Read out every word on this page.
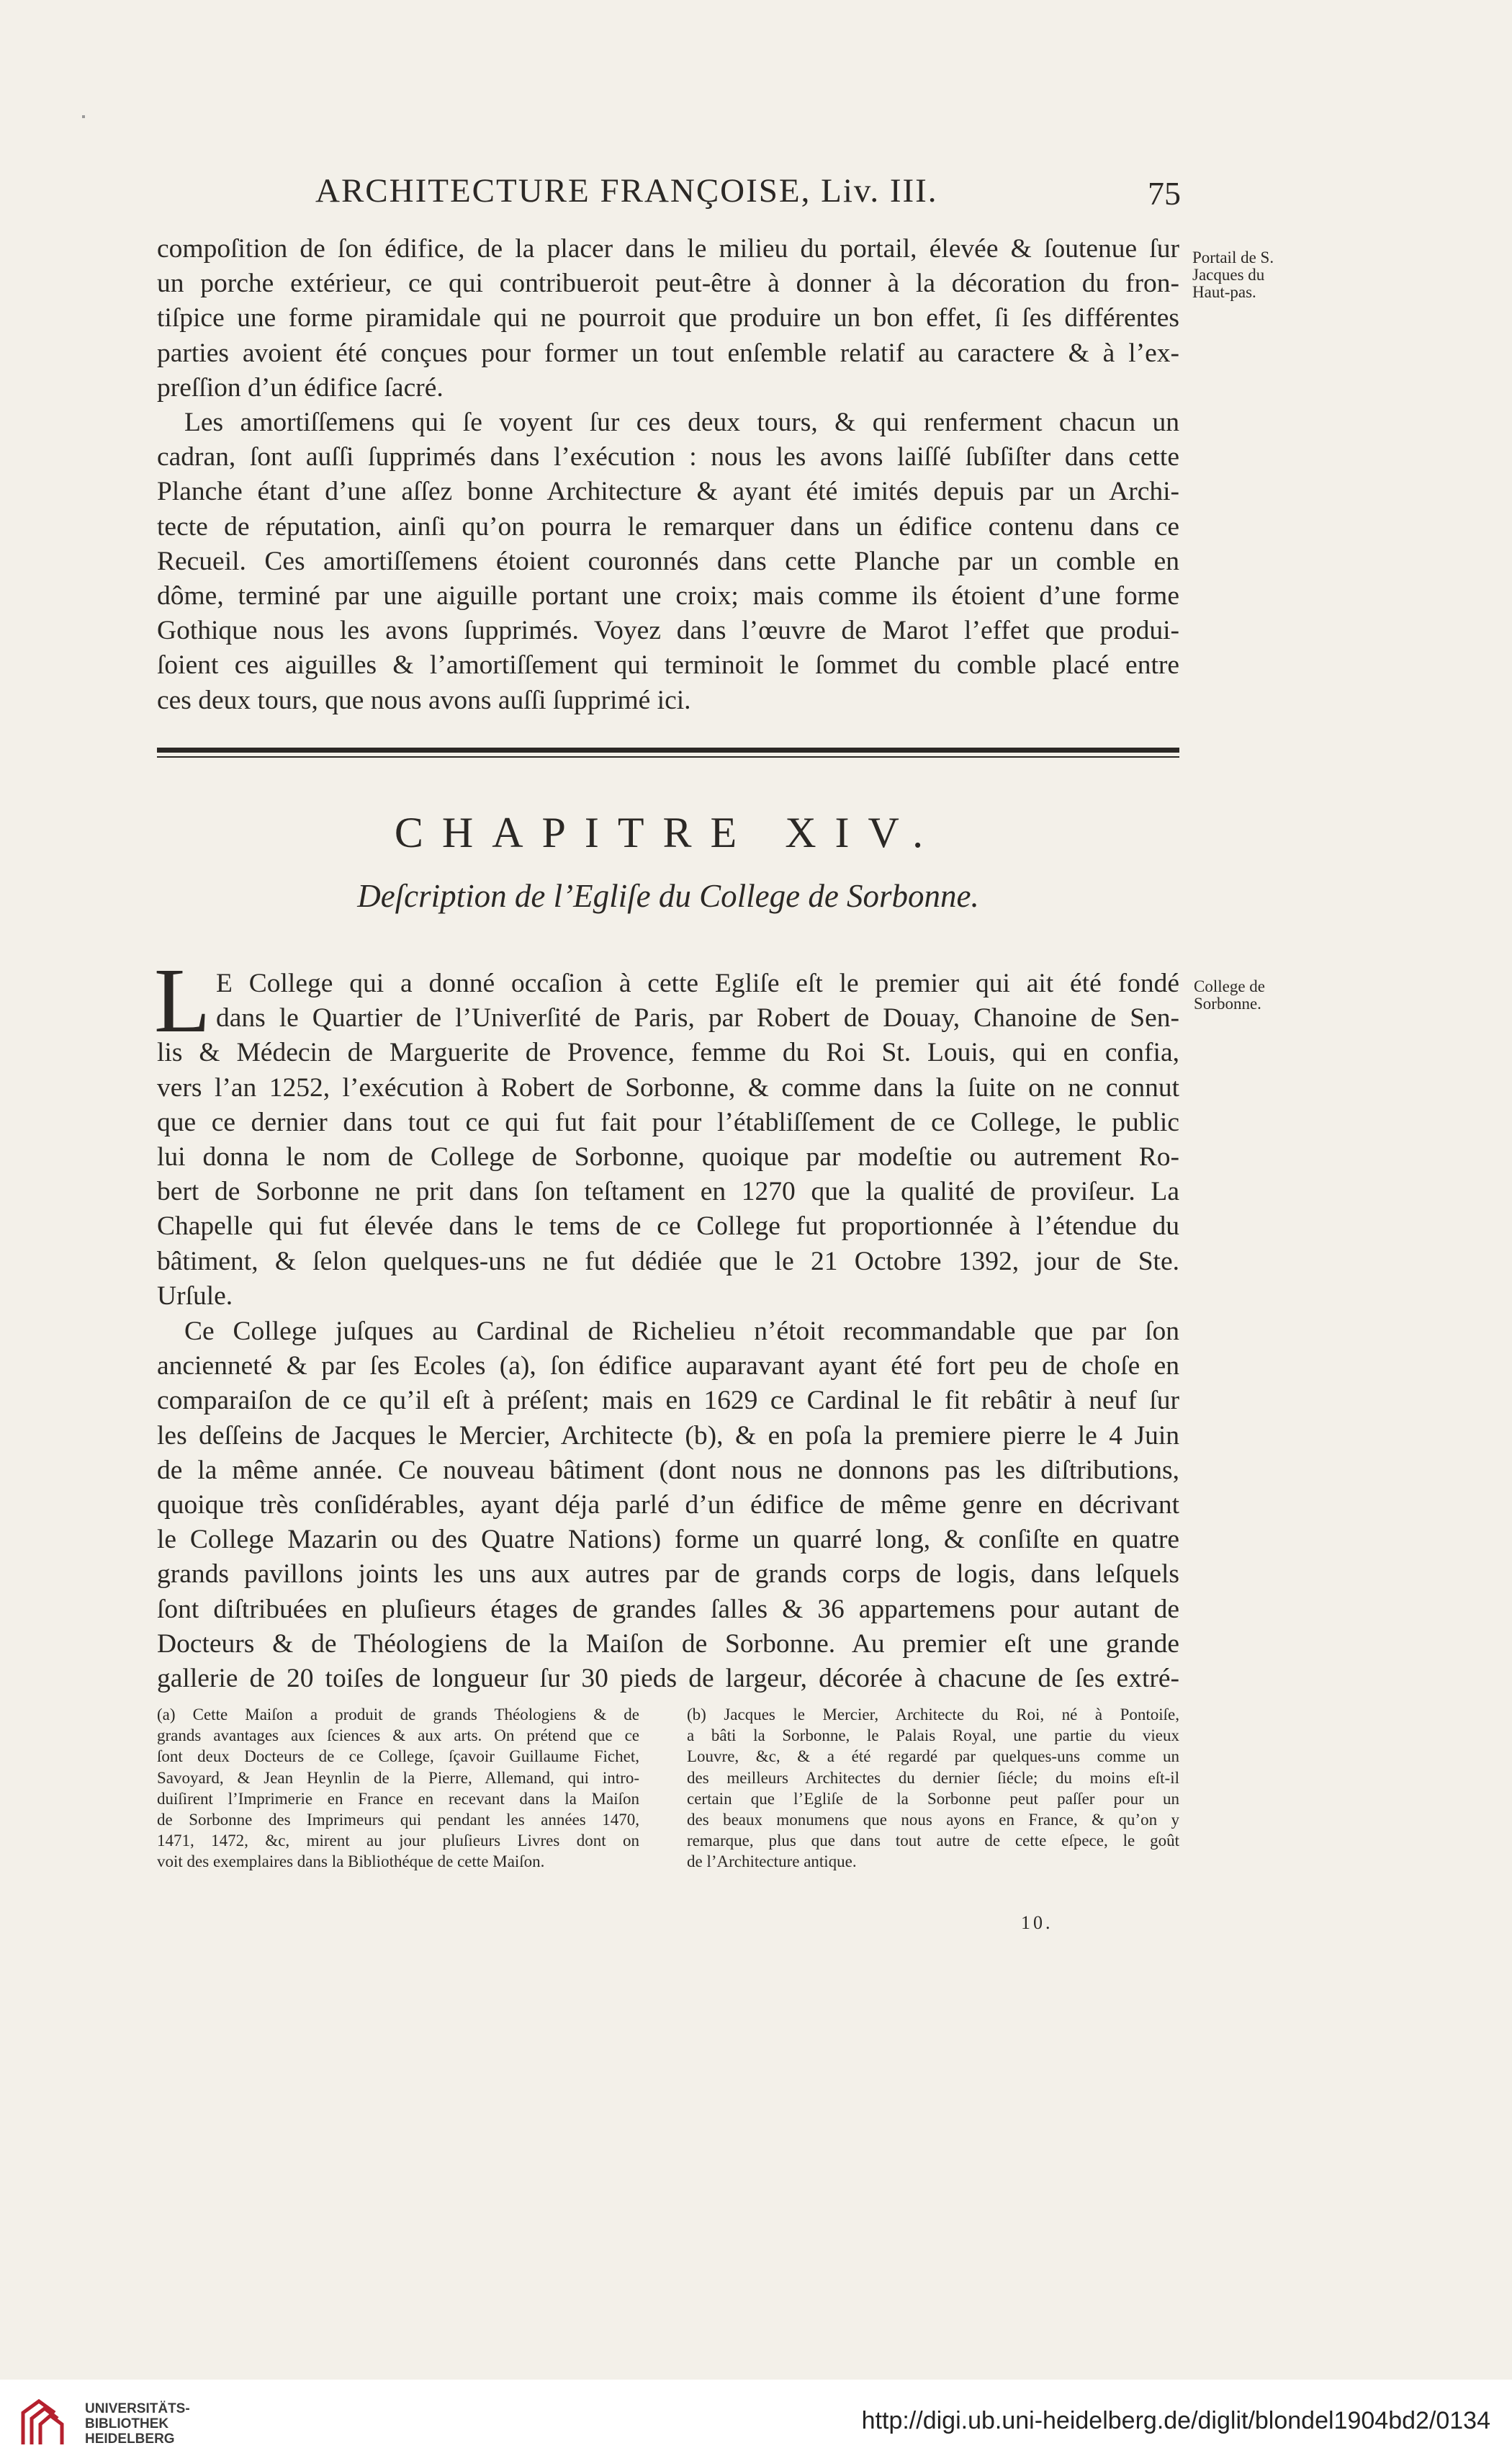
ARCHITECTURE FRANÇOISE, Liv. III.	75
compoſition de ſon édifice, de la placer dans le milieu du portail, élevée & ſoutenue ſur
un porche extérieur, ce qui contribueroit peut-être à donner à la décoration du fron-
tiſpice une forme piramidale qui ne pourroit que produire un bon effet, ſi ſes différentes
parties avoient été conçues pour former un tout enſemble relatif au caractere & à l’ex-
preſſion d’un édifice ſacré.
Portail de S.
Jacques du
Haut-pas.
Les amortiſſemens qui ſe voyent ſur ces deux tours, & qui renferment chacun un
cadran, ſont auſſi ſupprimés dans l’exécution : nous les avons laiſſé ſubſiſter dans cette
Planche étant d’une aſſez bonne Architecture & ayant été imités depuis par un Archi-
tecte de réputation, ainſi qu’on pourra le remarquer dans un édifice contenu dans ce
Recueil. Ces amortiſſemens étoient couronnés dans cette Planche par un comble en
dôme, terminé par une aiguille portant une croix; mais comme ils étoient d’une forme
Gothique nous les avons ſupprimés. Voyez dans l’œuvre de Marot l’effet que produi-
ſoient ces aiguilles & l’amortiſſement qui terminoit le ſommet du comble placé entre
ces deux tours, que nous avons auſſi ſupprimé ici.
CHAPITRE XIV.
Deſcription de l’Egliſe du College de Sorbonne.
L E College qui a donné occaſion à cette Egliſe eſt le premier qui ait été fondé
dans le Quartier de l’Univerſité de Paris, par Robert de Douay, Chanoine de Sen-
lis & Médecin de Marguerite de Provence, femme du Roi St. Louis, qui en confia,
vers l’an 1252, l’exécution à Robert de Sorbonne, & comme dans la ſuite on ne connut
que ce dernier dans tout ce qui fut fait pour l’établiſſement de ce College, le public
lui donna le nom de College de Sorbonne, quoique par modeſtie ou autrement Ro-
bert de Sorbonne ne prit dans ſon teſtament en 1270 que la qualité de proviſeur. La
Chapelle qui fut élevée dans le tems de ce College fut proportionnée à l’étendue du
bâtiment, & ſelon quelques-uns ne fut dédiée que le 21 Octobre 1392, jour de Ste.
Urſule.
College de
Sorbonne.
Ce College juſques au Cardinal de Richelieu n’étoit recommandable que par ſon
ancienneté & par ſes Ecoles (a), ſon édifice auparavant ayant été fort peu de choſe en
comparaiſon de ce qu’il eſt à préſent; mais en 1629 ce Cardinal le fit rebâtir à neuf ſur
les deſſeins de Jacques le Mercier, Architecte (b), & en poſa la premiere pierre le 4 Juin
de la même année. Ce nouveau bâtiment (dont nous ne donnons pas les diſtributions,
quoique très conſidérables, ayant déja parlé d’un édifice de même genre en décrivant
le College Mazarin ou des Quatre Nations) forme un quarré long, & conſiſte en quatre
grands pavillons joints les uns aux autres par de grands corps de logis, dans leſquels
ſont diſtribuées en pluſieurs étages de grandes ſalles & 36 appartemens pour autant de
Docteurs & de Théologiens de la Maiſon de Sorbonne. Au premier eſt une grande
gallerie de 20 toiſes de longueur ſur 30 pieds de largeur, décorée à chacune de ſes extré-
(a) Cette Maiſon a produit de grands Théologiens & de
grands avantages aux ſciences & aux arts. On prétend que ce
ſont deux Docteurs de ce College, ſçavoir Guillaume Fichet,
Savoyard, & Jean Heynlin de la Pierre, Allemand, qui intro-
duiſirent l’Imprimerie en France en recevant dans la Maiſon
de Sorbonne des Imprimeurs qui pendant les années 1470,
1471, 1472, &c, mirent au jour pluſieurs Livres dont on
voit des exemplaires dans la Bibliothéque de cette Maiſon.
(b) Jacques le Mercier, Architecte du Roi, né à Pontoiſe,
a bâti la Sorbonne, le Palais Royal, une partie du vieux
Louvre, &c, & a été regardé par quelques-uns comme un
des meilleurs Architectes du dernier ſiécle; du moins eſt-il
certain que l’Egliſe de la Sorbonne peut paſſer pour un
des beaux monumens que nous ayons en France, & qu’on y
remarque, plus que dans tout autre de cette eſpece, le goût
de l’Architecture antique.
10.
UNIVERSITÄTS-
BIBLIOTHEK
HEIDELBERG
http://digi.ub.uni-heidelberg.de/diglit/blondel1904bd2/0134
